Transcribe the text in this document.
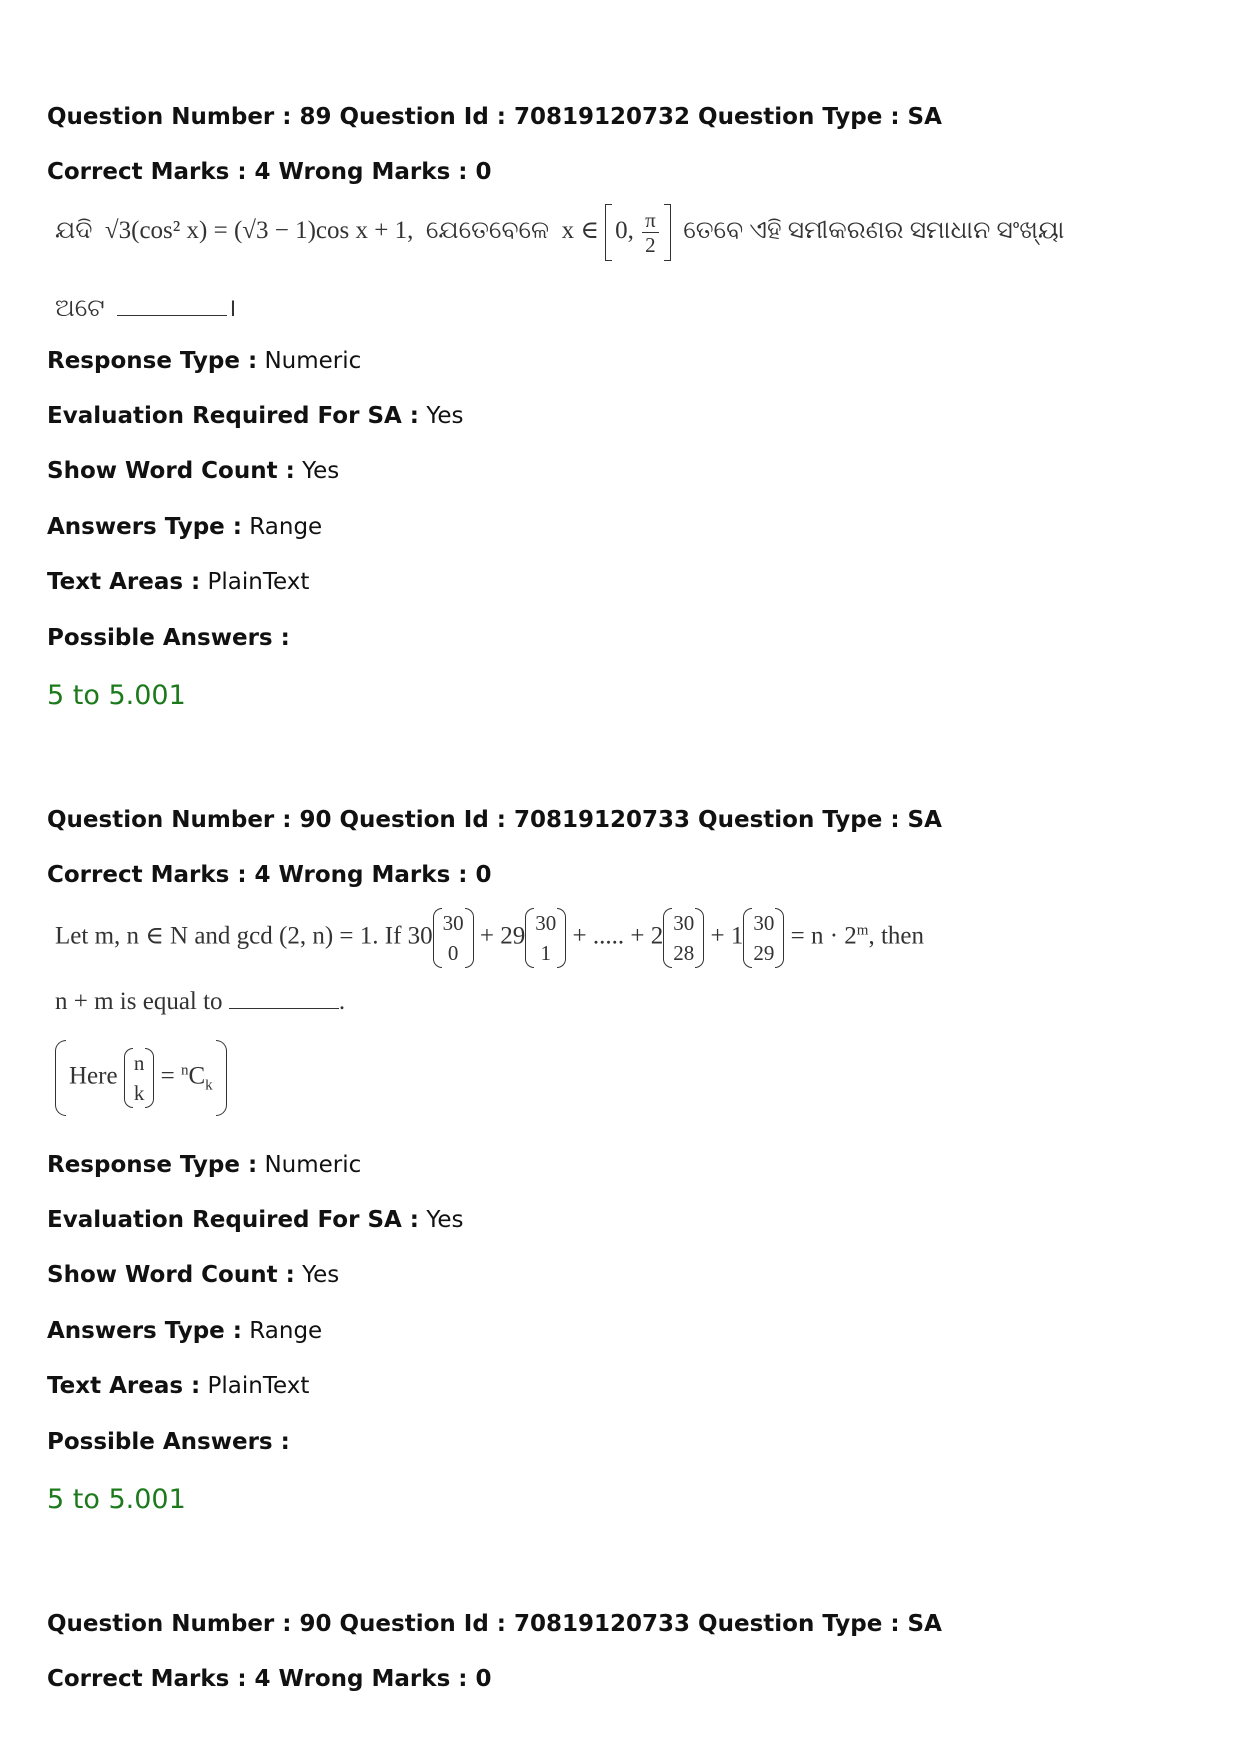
Question Number : 89 Question Id : 70819120732 Question Type : SA
Correct Marks : 4 Wrong Marks : 0
ଯଦି √3(cos² x) = (√3 − 1)cos x + 1, ଯେତେବେଳେ x ∈ 0, $\frac{\pi}{2}$ ତେବେ ଏହି ସମୀକରଣର ସମାଧାନ ସଂଖ୍ୟା
ଅଟେ	।
Response Type : Numeric
Evaluation Required For SA : Yes
Show Word Count : Yes
Answers Type : Range
Text Areas : PlainText
Possible Answers :
5 to 5.001
Question Number : 90 Question Id : 70819120733 Question Type : SA
Correct Marks : 4 Wrong Marks : 0
Let m, n ∈ N and gcd (2, n) = 1. If 30 30
0
+ 29 30
1
+ ..... + 2 30
28
+ 1 30
29
= $n \cdot 2^m$, then
n + m is equal to	.
Here n
k
= $^nC_k$
Response Type : Numeric
Evaluation Required For SA : Yes
Show Word Count : Yes
Answers Type : Range
Text Areas : PlainText
Possible Answers :
5 to 5.001
Question Number : 90 Question Id : 70819120733 Question Type : SA
Correct Marks : 4 Wrong Marks : 0
